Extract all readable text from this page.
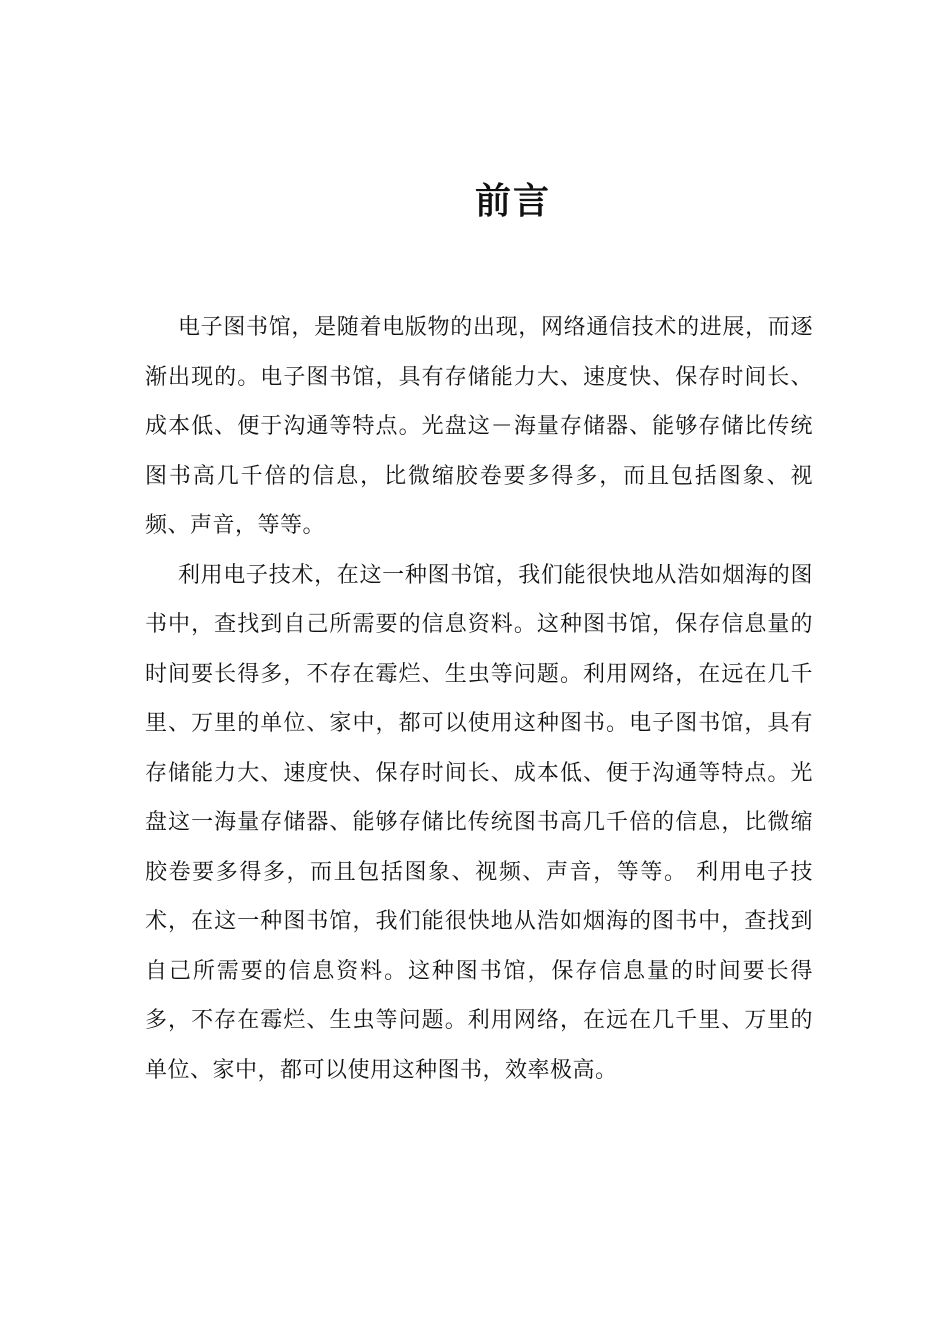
前言

电子图书馆，是随着电版物的出现，网络通信技术的进展，而逐渐出现的。电子图书馆，具有存储能力大、速度快、保存时间长、成本低、便于沟通等特点。光盘这－海量存储器、能够存储比传统图书高几千倍的信息，比微缩胶卷要多得多，而且包括图象、视频、声音，等等。

利用电子技术，在这一种图书馆，我们能很快地从浩如烟海的图书中，查找到自己所需要的信息资料。这种图书馆，保存信息量的时间要长得多，不存在霉烂、生虫等问题。利用网络，在远在几千里、万里的单位、家中，都可以使用这种图书。电子图书馆，具有存储能力大、速度快、保存时间长、成本低、便于沟通等特点。光盘这一海量存储器、能够存储比传统图书高几千倍的信息，比微缩胶卷要多得多，而且包括图象、视频、声音，等等。 利用电子技术，在这一种图书馆，我们能很快地从浩如烟海的图书中，查找到自己所需要的信息资料。这种图书馆，保存信息量的时间要长得多，不存在霉烂、生虫等问题。利用网络，在远在几千里、万里的单位、家中，都可以使用这种图书，效率极高。
